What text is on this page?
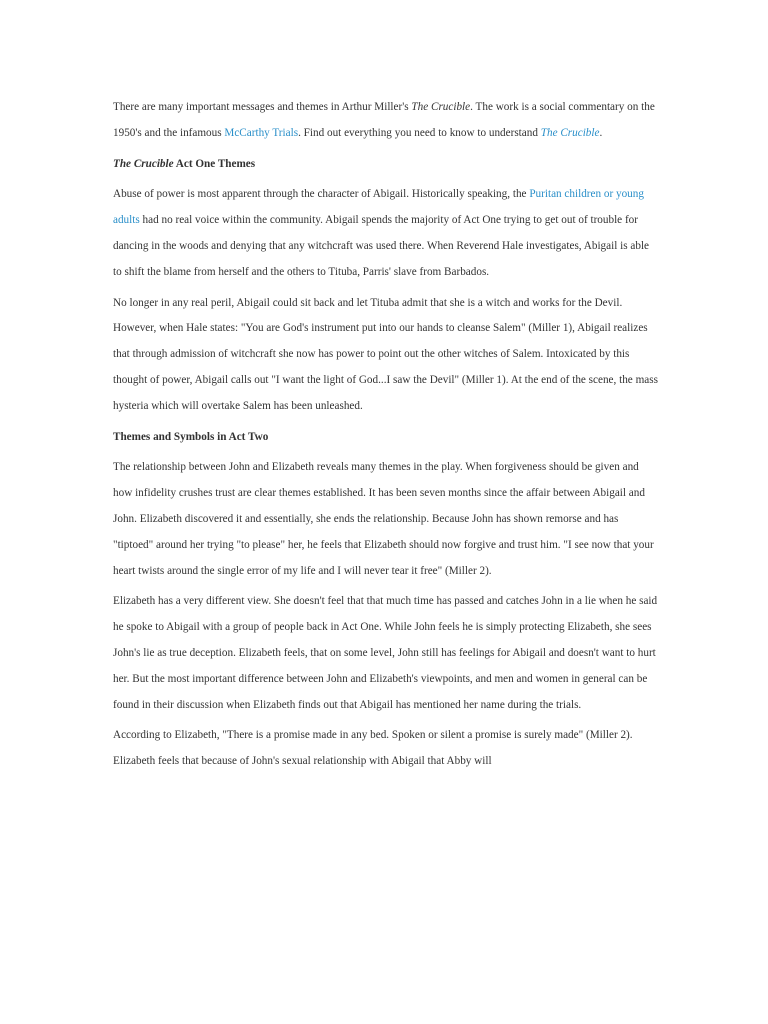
There are many important messages and themes in Arthur Miller's The Crucible. The work is a social commentary on the 1950's and the infamous McCarthy Trials. Find out everything you need to know to understand The Crucible.

The Crucible Act One Themes

Abuse of power is most apparent through the character of Abigail. Historically speaking, the Puritan children or young adults had no real voice within the community. Abigail spends the majority of Act One trying to get out of trouble for dancing in the woods and denying that any witchcraft was used there. When Reverend Hale investigates, Abigail is able to shift the blame from herself and the others to Tituba, Parris' slave from Barbados.

No longer in any real peril, Abigail could sit back and let Tituba admit that she is a witch and works for the Devil. However, when Hale states: "You are God's instrument put into our hands to cleanse Salem" (Miller 1), Abigail realizes that through admission of witchcraft she now has power to point out the other witches of Salem. Intoxicated by this thought of power, Abigail calls out "I want the light of God...I saw the Devil" (Miller 1). At the end of the scene, the mass hysteria which will overtake Salem has been unleashed.

Themes and Symbols in Act Two

The relationship between John and Elizabeth reveals many themes in the play. When forgiveness should be given and how infidelity crushes trust are clear themes established. It has been seven months since the affair between Abigail and John. Elizabeth discovered it and essentially, she ends the relationship. Because John has shown remorse and has "tiptoed" around her trying "to please" her, he feels that Elizabeth should now forgive and trust him. "I see now that your heart twists around the single error of my life and I will never tear it free" (Miller 2).

Elizabeth has a very different view. She doesn't feel that that much time has passed and catches John in a lie when he said he spoke to Abigail with a group of people back in Act One. While John feels he is simply protecting Elizabeth, she sees John's lie as true deception. Elizabeth feels, that on some level, John still has feelings for Abigail and doesn't want to hurt her. But the most important difference between John and Elizabeth's viewpoints, and men and women in general can be found in their discussion when Elizabeth finds out that Abigail has mentioned her name during the trials.

According to Elizabeth, "There is a promise made in any bed. Spoken or silent a promise is surely made" (Miller 2). Elizabeth feels that because of John's sexual relationship with Abigail that Abby will
